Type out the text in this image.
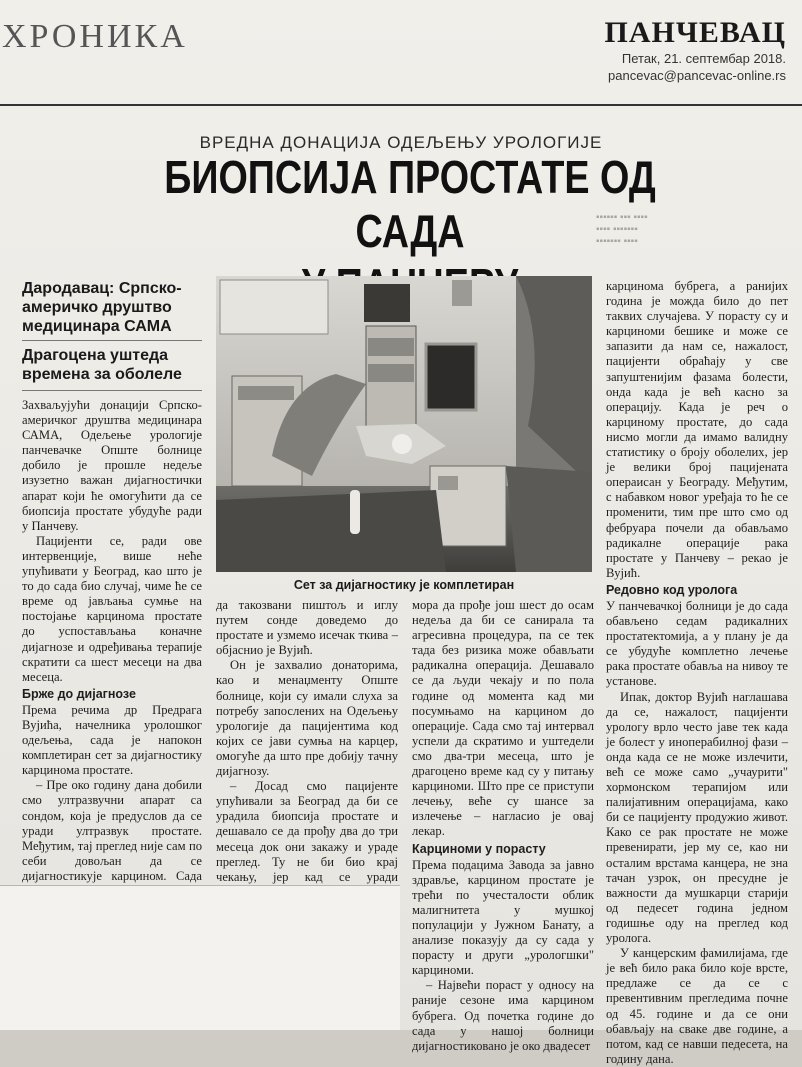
ХРОНИКА	ПАНЧЕВАЦ
Петак, 21. септембар 2018.
pancevac@pancevac-online.rs
ВРЕДНА ДОНАЦИЈА ОДЕЉЕЊУ УРОЛОГИЈЕ
БИОПСИЈА ПРОСТАТЕ ОД САДА
Дародавац: Српско-америчко друштво медицинара САМА
Драгоцена уштеда времена за оболеле

Захваљујући донацији Српско-америчког друштва медицинара САМА, Одељење урологије панчевачке Опште болнице добило је прошле недеље изузетно важан дијагностички апарат који ће омогућити да се биопсија простате убудуће ради у Панчеву.

Пацијенти се, ради ове интервенције, више неће упућивати у Београд, као што је то до сада био случај, чиме ће се време од јављања сумње на постојање карцинома простате до успостављања коначне дијагнозе и одређивања терапије скратити са шест месеци на два месеца.

Брже до дијагнозе

Према речима др Предрага Вујића, начелника уролошког одељења, сада је напокон комплетиран сет за дијагностику карцинома простате.

– Пре око годину дана добили смо ултразвучни апарат са сондом, која је предуслов да се уради ултразвук простате. Међутим, тај преглед није сам по себи довољан да се дијагностикује карцином. Сада

Сет за дијагностику је комплетиран
▪▪▪▪▪▪ ▪▪▪ ▪▪▪▪
▪▪▪▪ ▪▪▪▪▪▪▪
▪▪▪▪▪▪▪ ▪▪▪▪

да такозвани пиштољ и иглу путем сонде доведемо до простате и узмемо исечак ткива – објаснио је Вујић.

Он је захвалио донаторима, као и менаџменту Опште болнице, који су имали слуха за потребу запослених на Одељењу урологије да пацијентима код којих се јави сумња на карцер, омогуће да што пре добију тачну дијагнозу.

– Досад смо пацијенте упућивали за Београд да би се урадила биопсија простате и дешавало се да прођу два до три месеца док они закажу и ураде преглед. Ту не би био крај чекању, јер кад се уради

мора да прође још шест до осам недеља да би се санирала та агресивна процедура, па се тек тада без ризика може обављати радикална операција. Дешавало се да људи чекају и по пола године од момента кад ми посумњамо на карцином до операције. Сада смо тај интервал успели да скратимо и уштедели смо два-три месеца, што је драгоцено време кад су у питању карциноми. Што пре се приступи лечењу, веће су шансе за излечење – нагласио је овај лекар.

Карциноми у порасту

Према подацима Завода за јавно здравље, карцином простате је трећи по учесталости облик малигнитета у мушкој популацији у Јужном Банату, а анализе показују да су сада у порасту и други „урологшки" карциноми.

– Највећи пораст у односу на раније сезоне има карцином бубрега. Од почетка године до сада у нашој болници дијагностиковано је око двадесет

карцинома бубрега, а ранијих година је можда било до пет таквих случајева. У порасту су и карциноми бешике и може се запазити да нам се, нажалост, пацијенти обраћају у све запуштенијим фазама болести, онда када је већ касно за операцију. Када је реч о карциному простате, до сада нисмо могли да имамо валидну статистику о броју оболелих, јер је велики број пацијената операисан у Београду. Међутим, с набавком новог уређаја то ће се променити, тим пре што смо од фебруара почели да обављамо радикалне операције рака простате у Панчеву – рекао је Вујић.

Редовно код уролога

У панчевачкој болници је до сада обављено седам радикалних простатектомија, а у плану је да се убудуће комплетно лечење рака простате обавља на нивоу те установе.

Ипак, доктор Вујић наглашава да се, нажалост, пацијенти урологу врло често јаве тек када је болест у иноперабилној фази – онда када се не може излечити, већ се може само „учаурити" хормонском терапијом или палијативним операцијама, како би се пацијенту продужио живот. Како се рак простате не може превенирати, јер му се, као ни осталим врстама канцера, не зна тачан узрок, он пресудне је важности да мушкарци старији од педесет година једном годишње оду на преглед код уролога.

У канцерским фамилијама, где је већ било рака било које врсте, предлаже се да се с превентивним прегледима почне од 45. године и да се они обављају на сваке две године, а потом, кад се навши педесета, на годину дана.
